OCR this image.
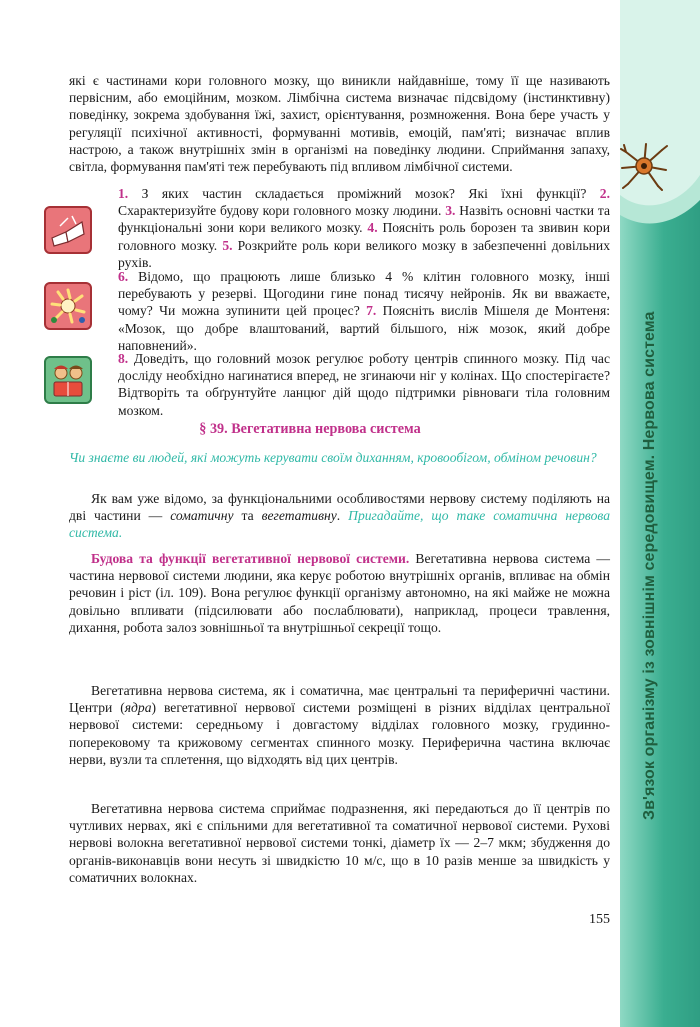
Зв'язок організму із зовнішнім середовищем. Нервова система
які є частинами кори головного мозку, що виникли найдавніше, тому її ще називають первісним, або емоційним, мозком. Лімбічна система визначає підсвідому (інстинктивну) поведінку, зокрема здобування їжі, захист, орієнтування, розмноження. Вона бере участь у регуляції психічної активності, формуванні мотивів, емоцій, пам'яті; визначає вплив настрою, а також внутрішніх змін в організмі на поведінку людини. Сприймання запаху, світла, формування пам'яті теж перебувають під впливом лімбічної системи.
1. З яких частин складається проміжний мозок? Які їхні функції? 2. Схарактеризуйте будову кори головного мозку людини. 3. Назвіть основні частки та функціональні зони кори великого мозку. 4. Поясніть роль борозен та звивин кори головного мозку. 5. Розкрийте роль кори великого мозку в забезпеченні довільних рухів.
6. Відомо, що працюють лише близько 4 % клітин головного мозку, інші перебувають у резерві. Щогодини гине понад тисячу нейронів. Як ви вважаєте, чому? Чи можна зупинити цей процес? 7. Поясніть вислів Мішеля де Монтеня: «Мозок, що добре влаштований, вартий більшого, ніж мозок, який добре наповнений».
8. Доведіть, що головний мозок регулює роботу центрів спинного мозку. Під час досліду необхідно нагинатися вперед, не згинаючи ніг у колінах. Що спостерігаєте? Відтворіть та обґрунтуйте ланцюг дій щодо підтримки рівноваги тіла головним мозком.
§ 39. Вегетативна нервова система
Чи знаєте ви людей, які можуть керувати своїм диханням, кровообігом, обміном речовин?
Як вам уже відомо, за функціональними особливостями нервову систему поділяють на дві частини — соматичну та вегетативну. Пригадайте, що таке соматична нервова система.
Будова та функції вегетативної нервової системи. Вегетативна нервова система — частина нервової системи людини, яка керує роботою внутрішніх органів, впливає на обмін речовин і ріст (іл. 109). Вона регулює функції організму автономно, на які майже не можна довільно впливати (підсилювати або послаблювати), наприклад, процеси травлення, дихання, робота залоз зовнішньої та внутрішньої секреції тощо.
Вегетативна нервова система, як і соматична, має центральні та периферичні частини. Центри (ядра) вегетативної нервової системи розміщені в різних відділах центральної нервової системи: середньому і довгастому відділах головного мозку, грудинно-поперековому та крижовому сегментах спинного мозку. Периферична частина включає нерви, вузли та сплетення, що відходять від цих центрів.
Вегетативна нервова система сприймає подразнення, які передаються до її центрів по чутливих нервах, які є спільними для вегетативної та соматичної нервової системи. Рухові нервові волокна вегетативної нервової системи тонкі, діаметр їх — 2–7 мкм; збудження до органів-виконавців вони несуть зі швидкістю 10 м/с, що в 10 разів менше за швидкість у соматичних волокнах.
155
